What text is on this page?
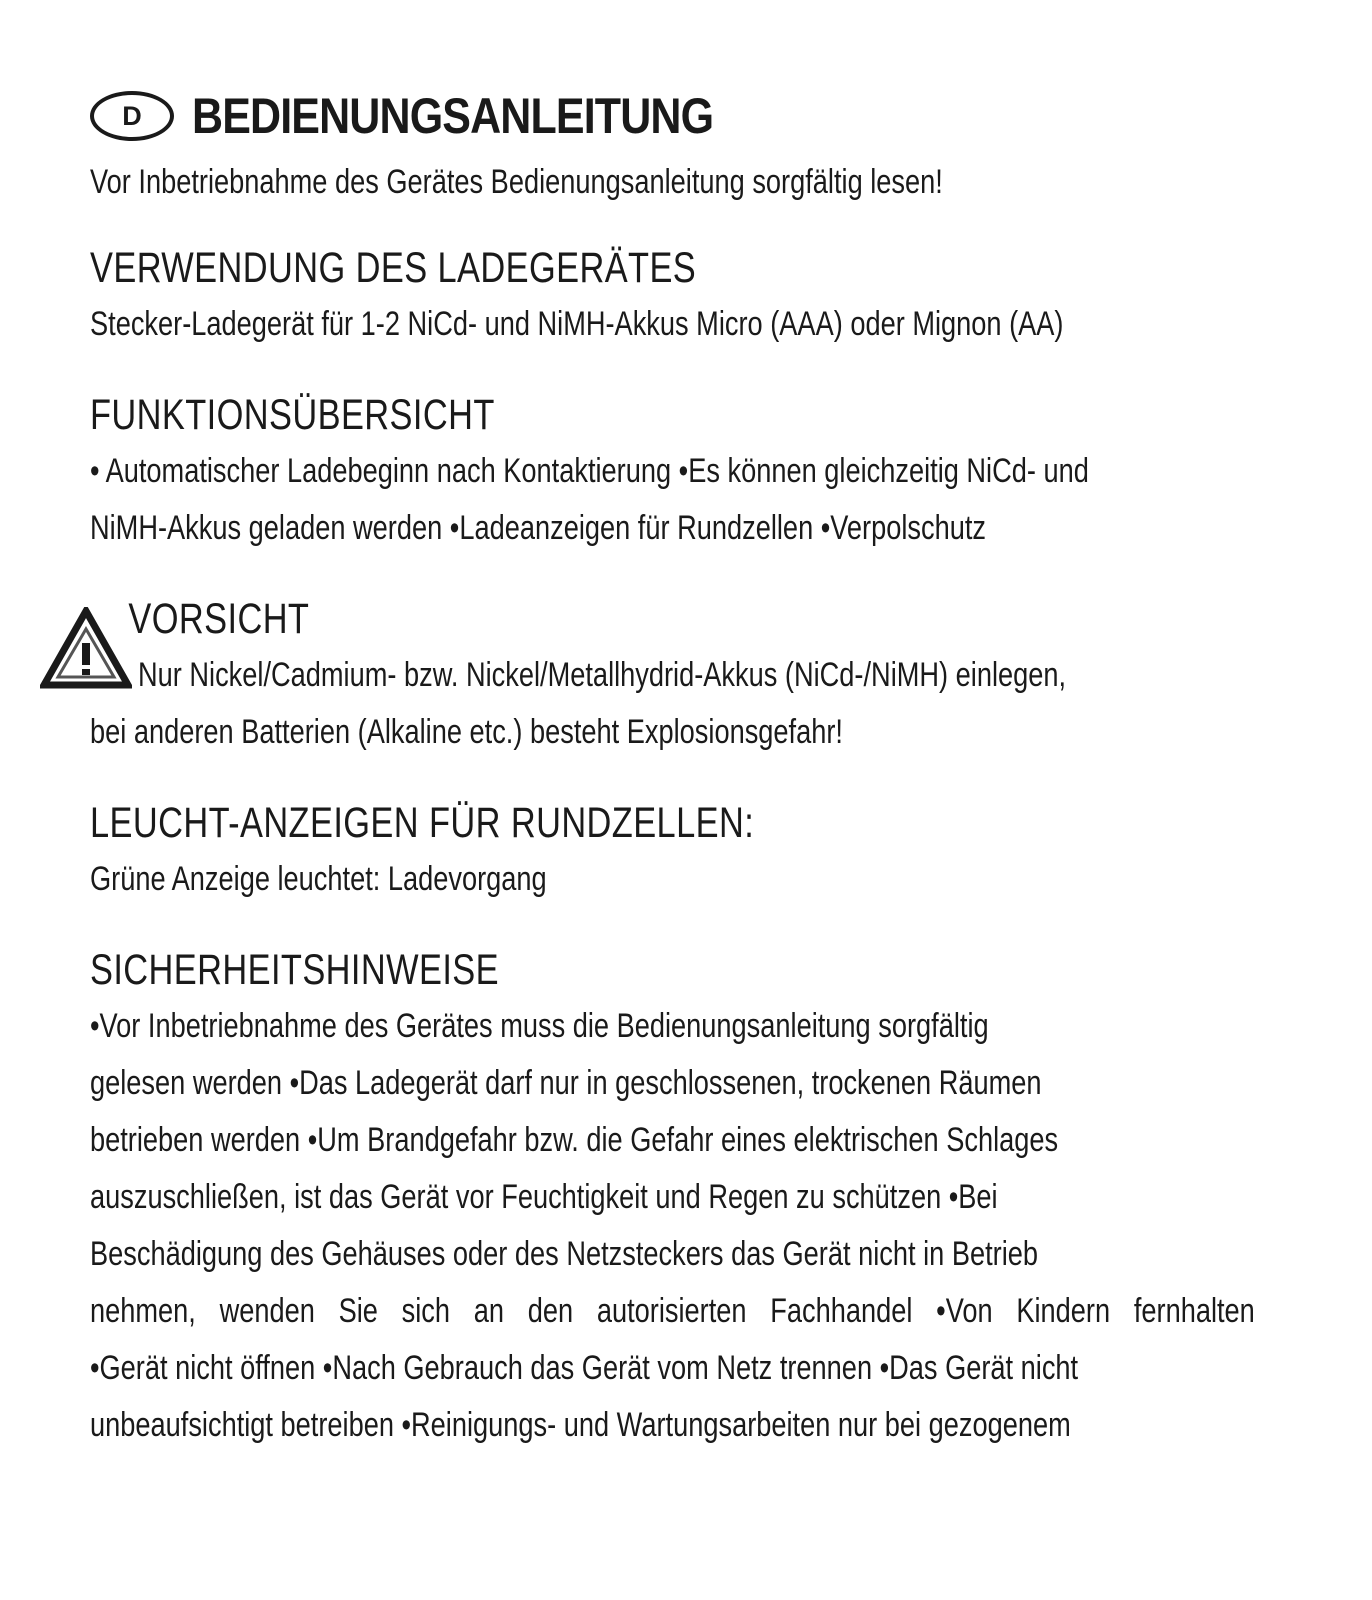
D	BEDIENUNGSANLEITUNG
Vor Inbetriebnahme des Gerätes Bedienungsanleitung sorgfältig lesen!
VERWENDUNG DES LADEGERÄTES
Stecker-Ladegerät für 1-2 NiCd- und NiMH-Akkus Micro (AAA) oder Mignon (AA)
FUNKTIONSÜBERSICHT
• Automatischer Ladebeginn nach Kontaktierung •Es können gleichzeitig NiCd- und
NiMH-Akkus geladen werden •Ladeanzeigen für Rundzellen •Verpolschutz
VORSICHT
Nur Nickel/Cadmium- bzw. Nickel/Metallhydrid-Akkus (NiCd-/NiMH) einlegen,
bei anderen Batterien (Alkaline etc.) besteht Explosionsgefahr!
LEUCHT-ANZEIGEN FÜR RUNDZELLEN:
Grüne Anzeige leuchtet: Ladevorgang
SICHERHEITSHINWEISE
•Vor Inbetriebnahme des Gerätes muss die Bedienungsanleitung sorgfältig
gelesen werden •Das Ladegerät darf nur in geschlossenen, trockenen Räumen
betrieben werden •Um Brandgefahr bzw. die Gefahr eines elektrischen Schlages
auszuschließen, ist das Gerät vor Feuchtigkeit und Regen zu schützen •Bei
Beschädigung des Gehäuses oder des Netzsteckers das Gerät nicht in Betrieb
nehmen, wenden Sie sich an den autorisierten Fachhandel •Von Kindern fernhalten
•Gerät nicht öffnen •Nach Gebrauch das Gerät vom Netz trennen •Das Gerät nicht
unbeaufsichtigt betreiben •Reinigungs- und Wartungsarbeiten nur bei gezogenem
